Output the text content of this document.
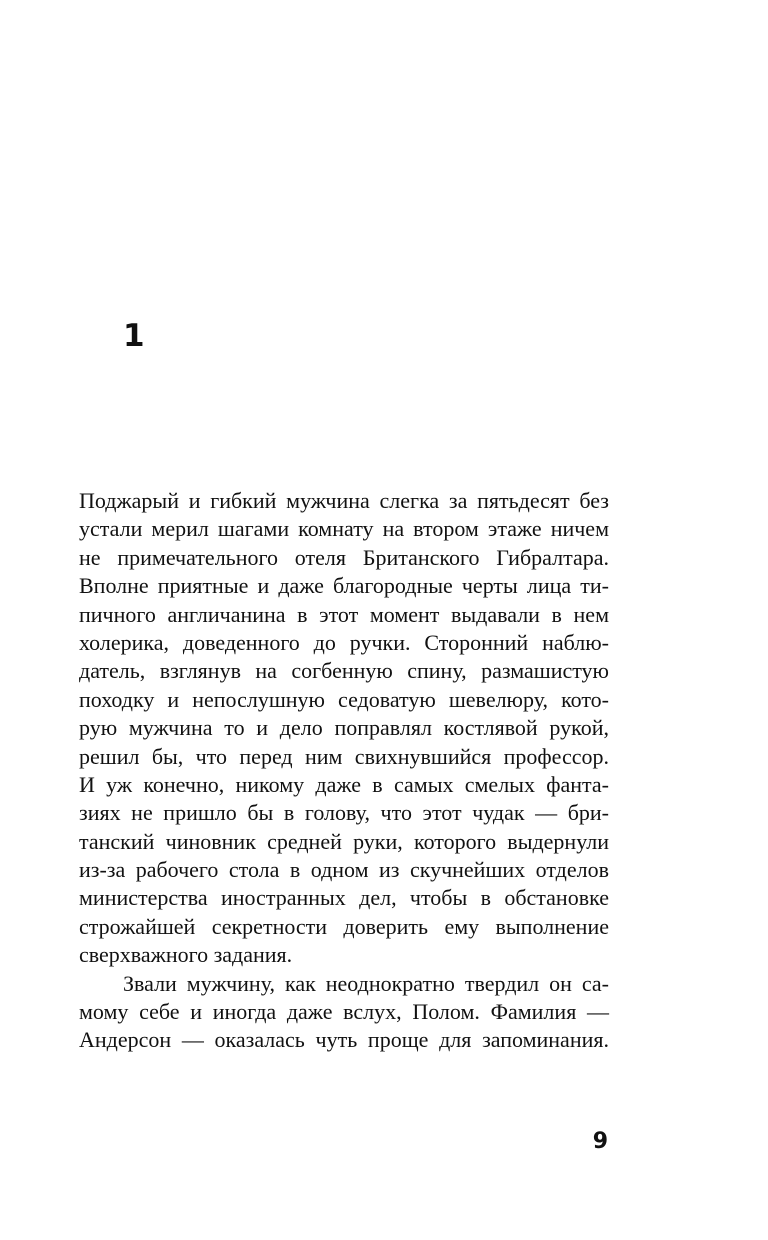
1
Поджарый и гибкий мужчина слегка за пятьдесят без
устали мерил шагами комнату на втором этаже ничем
не примечательного отеля Британского Гибралтара.
Вполне приятные и даже благородные черты лица ти-
пичного англичанина в этот момент выдавали в нем
холерика, доведенного до ручки. Сторонний наблю-
датель, взглянув на согбенную спину, размашистую
походку и непослушную седоватую шевелюру, кото-
рую мужчина то и дело поправлял костлявой рукой,
решил бы, что перед ним свихнувшийся профессор.
И уж конечно, никому даже в самых смелых фанта-
зиях не пришло бы в голову, что этот чудак — бри-
танский чиновник средней руки, которого выдернули
из-за рабочего стола в одном из скучнейших отделов
министерства иностранных дел, чтобы в обстановке
строжайшей секретности доверить ему выполнение
сверхважного задания.
Звали мужчину, как неоднократно твердил он са-
мому себе и иногда даже вслух, Полом. Фамилия —
Андерсон — оказалась чуть проще для запоминания.
9
